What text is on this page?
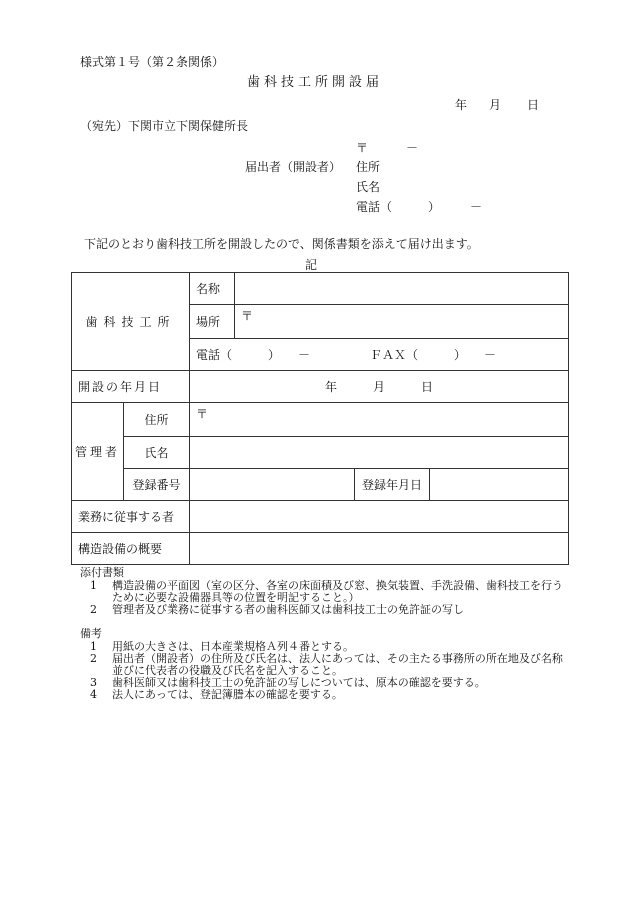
様式第１号（第２条関係）
歯科技工所開設届
年 月 日
（宛先）下関市立下関保健所長
〒	－
届出者（開設者） 住所
氏名
電話（　　　）　　　－
下記のとおり歯科技工所を開設したので、関係書類を添えて届け出ます。
記
歯科技工所		名称			
		場所	〒		
		電話（　　　）　　－　　　　　ＦＡＸ（　　　）　　－			
開設の年月日		年　　　月　　　日			
管理者	住所	〒			
	氏名				
	登録番号			登録年月日	
業務に従事する者					
構造設備の概要					
添付書類
1 構造設備の平面図（室の区分、各室の床面積及び窓、換気装置、手洗設備、歯科技工を行う
ために必要な設備器具等の位置を明記すること。）
2 管理者及び業務に従事する者の歯科医師又は歯科技工士の免許証の写し
備考
1 用紙の大きさは、日本産業規格Ａ列４番とする。
2 届出者（開設者）の住所及び氏名は、法人にあっては、その主たる事務所の所在地及び名称
並びに代表者の役職及び氏名を記入すること。
3 歯科医師又は歯科技工士の免許証の写しについては、原本の確認を要する。
4 法人にあっては、登記簿謄本の確認を要する。
